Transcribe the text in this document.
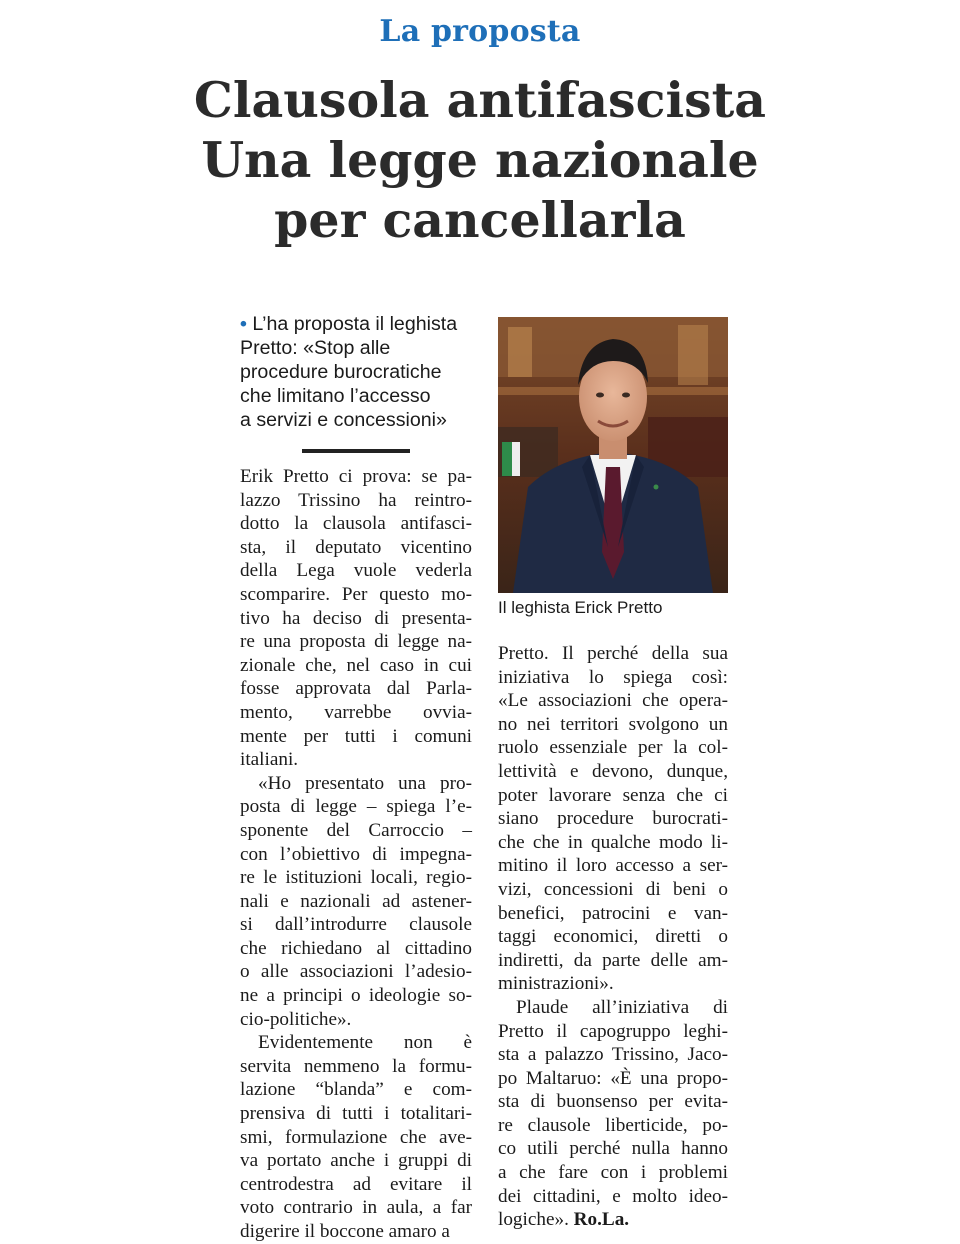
La proposta
Clausola antifascista
Una legge nazionale
per cancellarla
• L’ha proposta il leghista
Pretto: «Stop alle
procedure burocratiche
che limitano l’accesso
a servizi e concessioni»
Il leghista Erick Pretto

Erik Pretto ci prova: se pa-
lazzo Trissino ha reintro-
dotto la clausola antifasci-
sta, il deputato vicentino
della Lega vuole vederla
scomparire. Per questo mo-
tivo ha deciso di presenta-
re una proposta di legge na-
zionale che, nel caso in cui
fosse approvata dal Parla-
mento, varrebbe ovvia-
mente per tutti i comuni
italiani.

«Ho presentato una pro-
posta di legge – spiega l’e-
sponente del Carroccio –
con l’obiettivo di impegna-
re le istituzioni locali, regio-
nali e nazionali ad astener-
si dall’introdurre clausole
che richiedano al cittadino
o alle associazioni l’adesio-
ne a principi o ideologie so-
cio-politiche».

Evidentemente non è
servita nemmeno la formu-
lazione “blanda” e com-
prensiva di tutti i totalitari-
smi, formulazione che ave-
va portato anche i gruppi di
centrodestra ad evitare il
voto contrario in aula, a far
digerire il boccone amaro a

Pretto. Il perché della sua
iniziativa lo spiega così:
«Le associazioni che opera-
no nei territori svolgono un
ruolo essenziale per la col-
lettività e devono, dunque,
poter lavorare senza che ci
siano procedure burocrati-
che che in qualche modo li-
mitino il loro accesso a ser-
vizi, concessioni di beni o
benefici, patrocini e van-
taggi economici, diretti o
indiretti, da parte delle am-
ministrazioni».

Plaude all’iniziativa di
Pretto il capogruppo leghi-
sta a palazzo Trissino, Jaco-
po Maltaruo: «È una propo-
sta di buonsenso per evita-
re clausole liberticide, po-
co utili perché nulla hanno
a che fare con i problemi
dei cittadini, e molto ideo-
logiche». Ro.La.
